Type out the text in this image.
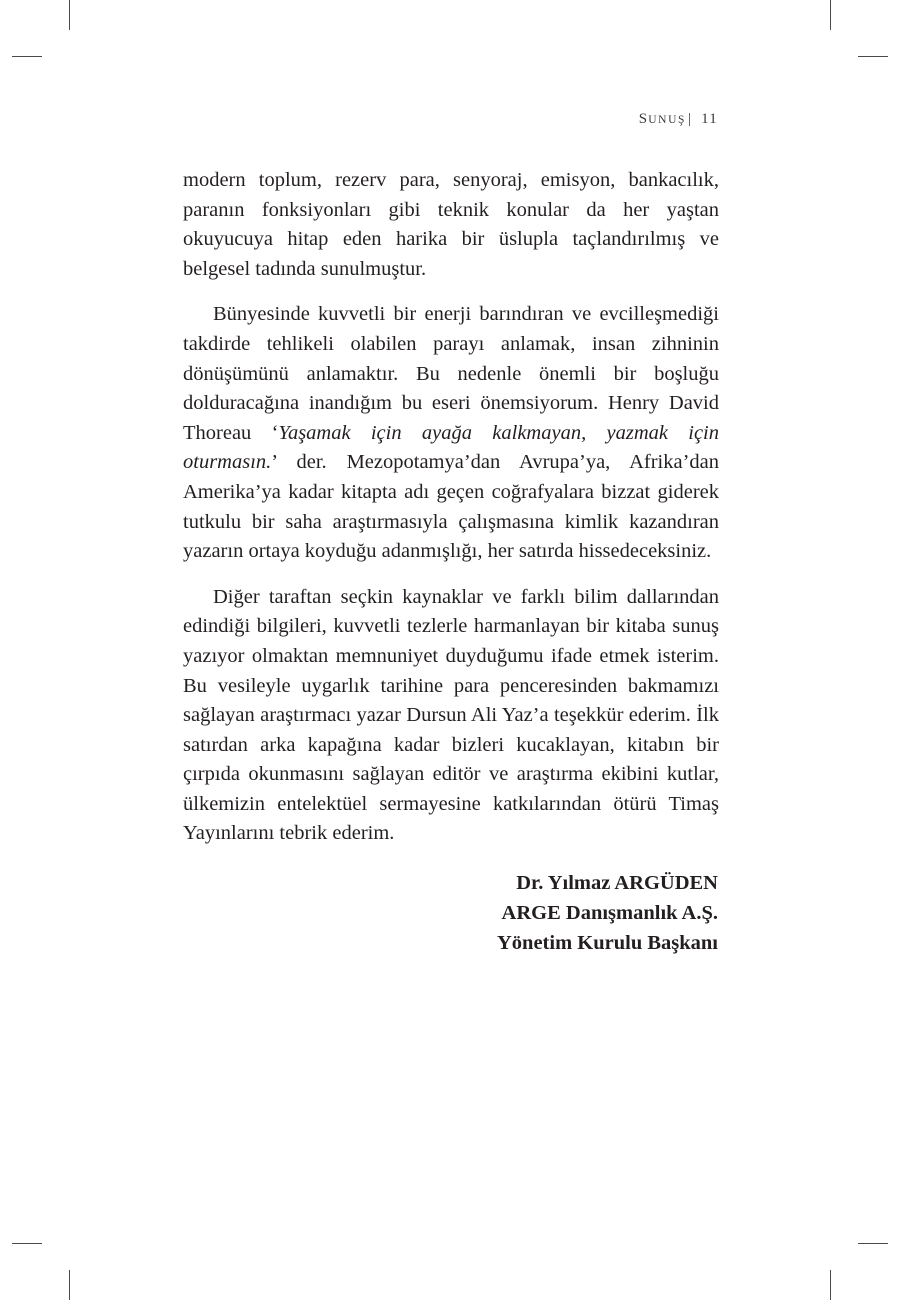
SUNUŞ | 11

modern toplum, rezerv para, senyoraj, emisyon, bankacılık, paranın fonksiyonları gibi teknik konular da her yaştan okuyucuya hitap eden harika bir üslupla taçlandırılmış ve belgesel tadında sunulmuştur.

Bünyesinde kuvvetli bir enerji barındıran ve evcilleşmediği takdirde tehlikeli olabilen parayı anlamak, insan zihninin dönüşümünü anlamaktır. Bu nedenle önemli bir boşluğu dolduracağına inandığım bu eseri önemsiyorum. Henry David Thoreau ‘Yaşamak için ayağa kalkmayan, yazmak için oturmasın.’ der. Mezopotamya’dan Avrupa’ya, Afrika’dan Amerika’ya kadar kitapta adı geçen coğrafyalara bizzat giderek tutkulu bir saha araştırmasıyla çalışmasına kimlik kazandıran yazarın ortaya koyduğu adanmışlığı, her satırda hissedeceksiniz.

Diğer taraftan seçkin kaynaklar ve farklı bilim dallarından edindiği bilgileri, kuvvetli tezlerle harmanlayan bir kitaba sunuş yazıyor olmaktan memnuniyet duyduğumu ifade etmek isterim. Bu vesileyle uygarlık tarihine para penceresinden bakmamızı sağlayan araştırmacı yazar Dursun Ali Yaz’a teşekkür ederim. İlk satırdan arka kapağına kadar bizleri kucaklayan, kitabın bir çırpıda okunmasını sağlayan editör ve araştırma ekibini kutlar, ülkemizin entelektüel sermayesine katkılarından ötürü Timaş Yayınlarını tebrik ederim.

Dr. Yılmaz ARGÜDEN
ARGE Danışmanlık A.Ş.
Yönetim Kurulu Başkanı
